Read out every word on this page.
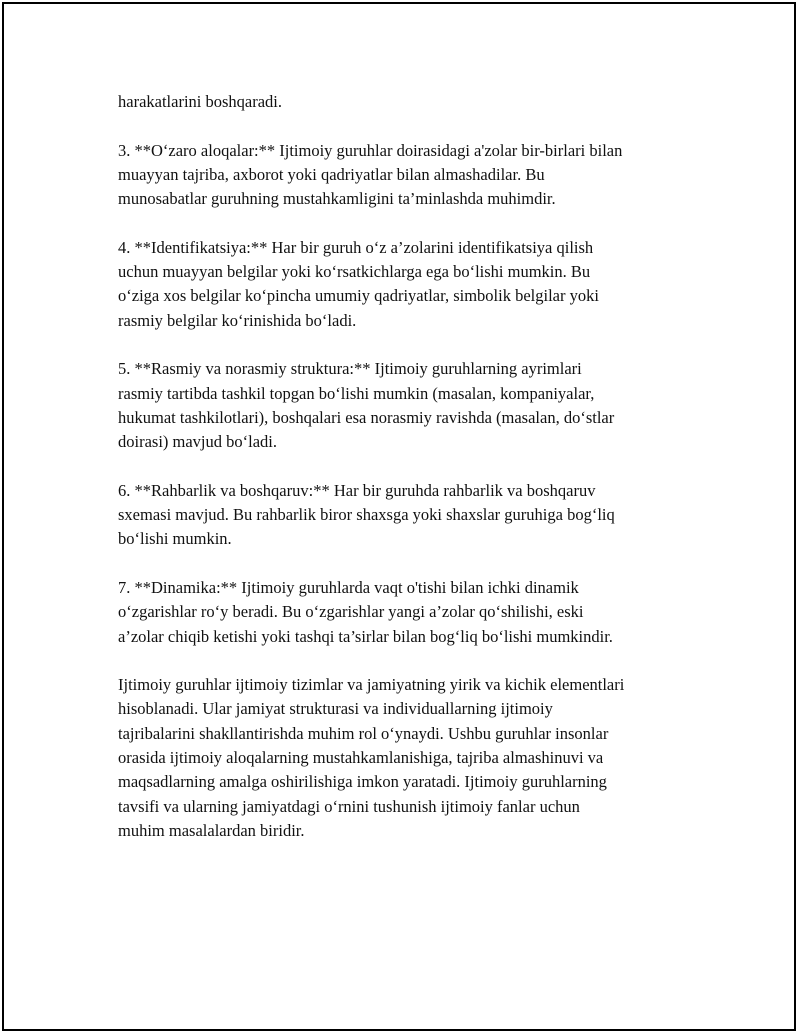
harakatlarini boshqaradi.

3. **O‘zaro aloqalar:** Ijtimoiy guruhlar doirasidagi a'zolar bir-birlari bilan
muayyan tajriba, axborot yoki qadriyatlar bilan almashadilar. Bu
munosabatlar guruhning mustahkamligini ta’minlashda muhimdir.

4. **Identifikatsiya:** Har bir guruh o‘z a’zolarini identifikatsiya qilish
uchun muayyan belgilar yoki ko‘rsatkichlarga ega bo‘lishi mumkin. Bu
o‘ziga xos belgilar ko‘pincha umumiy qadriyatlar, simbolik belgilar yoki
rasmiy belgilar ko‘rinishida bo‘ladi.

5. **Rasmiy va norasmiy struktura:** Ijtimoiy guruhlarning ayrimlari
rasmiy tartibda tashkil topgan bo‘lishi mumkin (masalan, kompaniyalar,
hukumat tashkilotlari), boshqalari esa norasmiy ravishda (masalan, do‘stlar
doirasi) mavjud bo‘ladi.

6. **Rahbarlik va boshqaruv:** Har bir guruhda rahbarlik va boshqaruv
sxemasi mavjud. Bu rahbarlik biror shaxsga yoki shaxslar guruhiga bog‘liq
bo‘lishi mumkin.

7. **Dinamika:** Ijtimoiy guruhlarda vaqt o'tishi bilan ichki dinamik
o‘zgarishlar ro‘y beradi. Bu o‘zgarishlar yangi a’zolar qo‘shilishi, eski
a’zolar chiqib ketishi yoki tashqi ta’sirlar bilan bog‘liq bo‘lishi mumkindir.

Ijtimoiy guruhlar ijtimoiy tizimlar va jamiyatning yirik va kichik elementlari
hisoblanadi. Ular jamiyat strukturasi va individuallarning ijtimoiy
tajribalarini shakllantirishda muhim rol o‘ynaydi. Ushbu guruhlar insonlar
orasida ijtimoiy aloqalarning mustahkamlanishiga, tajriba almashinuvi va
maqsadlarning amalga oshirilishiga imkon yaratadi. Ijtimoiy guruhlarning
tavsifi va ularning jamiyatdagi o‘rnini tushunish ijtimoiy fanlar uchun
muhim masalalardan biridir.
